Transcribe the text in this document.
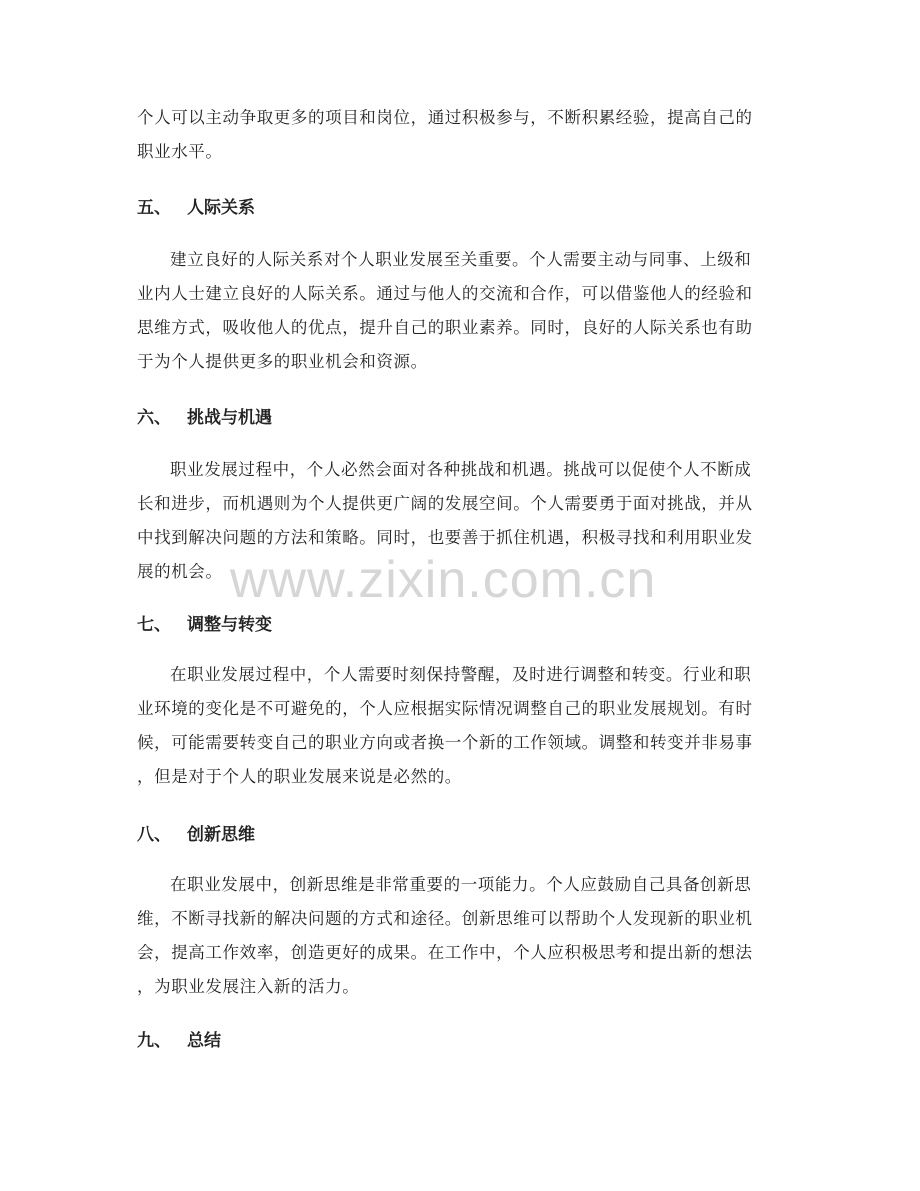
www.zixin.com.cn
个人可以主动争取更多的项目和岗位，通过积极参与，不断积累经验，提高自己的
职业水平。
五、 人际关系
建立良好的人际关系对个人职业发展至关重要。个人需要主动与同事、上级和
业内人士建立良好的人际关系。通过与他人的交流和合作，可以借鉴他人的经验和
思维方式，吸收他人的优点，提升自己的职业素养。同时，良好的人际关系也有助
于为个人提供更多的职业机会和资源。
六、 挑战与机遇
职业发展过程中，个人必然会面对各种挑战和机遇。挑战可以促使个人不断成
长和进步，而机遇则为个人提供更广阔的发展空间。个人需要勇于面对挑战，并从
中找到解决问题的方法和策略。同时，也要善于抓住机遇，积极寻找和利用职业发
展的机会。
七、 调整与转变
在职业发展过程中，个人需要时刻保持警醒，及时进行调整和转变。行业和职
业环境的变化是不可避免的，个人应根据实际情况调整自己的职业发展规划。有时
候，可能需要转变自己的职业方向或者换一个新的工作领域。调整和转变并非易事
，但是对于个人的职业发展来说是必然的。
八、 创新思维
在职业发展中，创新思维是非常重要的一项能力。个人应鼓励自己具备创新思
维，不断寻找新的解决问题的方式和途径。创新思维可以帮助个人发现新的职业机
会，提高工作效率，创造更好的成果。在工作中，个人应积极思考和提出新的想法
，为职业发展注入新的活力。
九、 总结
